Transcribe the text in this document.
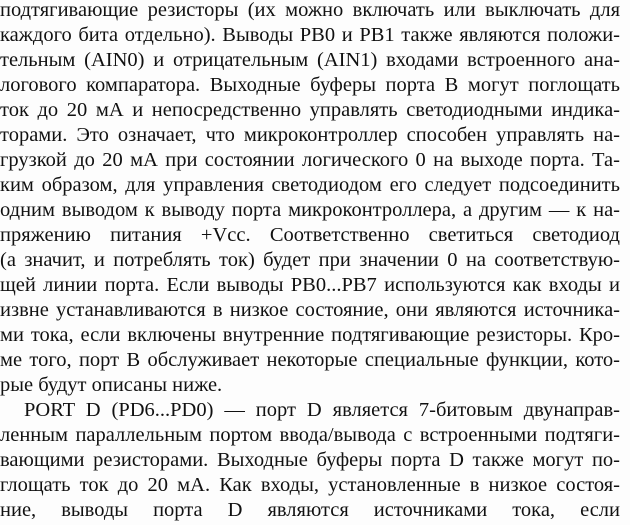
подтягивающие резисторы (их можно включать или выключать для
каждого бита отдельно). Выводы PB0 и PB1 также являются положи-
тельным (AIN0) и отрицательным (AIN1) входами встроенного ана-
логового компаратора. Выходные буферы порта В могут поглощать
ток до 20 мА и непосредственно управлять светодиодными индика-
торами. Это означает, что микроконтроллер способен управлять на-
грузкой до 20 мА при состоянии логического 0 на выходе порта. Та-
ким образом, для управления светодиодом его следует подсоединить
одним выводом к выводу порта микроконтроллера, а другим — к на-
пряжению питания +Vcc. Соответственно светиться светодиод
(а значит, и потреблять ток) будет при значении 0 на соответствую-
щей линии порта. Если выводы PB0...PB7 используются как входы и
извне устанавливаются в низкое состояние, они являются источника-
ми тока, если включены внутренние подтягивающие резисторы. Кро-
ме того, порт В обслуживает некоторые специальные функции, кото-
рые будут описаны ниже.
PORT D (PD6...PD0) — порт D является 7-битовым двунаправ-
ленным параллельным портом ввода/вывода с встроенными подтяги-
вающими резисторами. Выходные буферы порта D также могут по-
глощать ток до 20 мА. Как входы, установленные в низкое состоя-
ние, выводы порта D являются источниками тока, если
